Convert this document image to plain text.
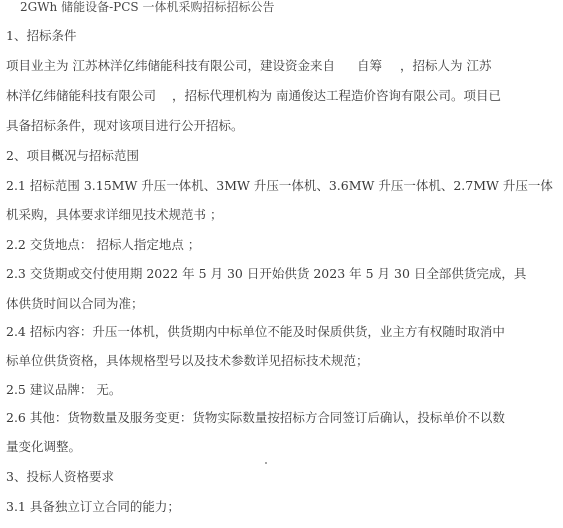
2GWh 储能设备-PCS 一体机采购招标招标公告
1、招标条件
项目业主为 江苏林洋亿纬储能科技有限公司，建设资金来自 自筹 ，招标人为 江苏
林洋亿纬储能科技有限公司 ，招标代理机构为 南通俊达工程造价咨询有限公司。项目已
具备招标条件，现对该项目进行公开招标。
2、项目概况与招标范围
2.1 招标范围 3.15MW 升压一体机、3MW 升压一体机、3.6MW 升压一体机、2.7MW 升压一体
机采购，具体要求详细见技术规范书 ；
2.2 交货地点： 招标人指定地点 ；
2.3 交货期或交付使用期 2022 年 5 月 30 日开始供货 2023 年 5 月 30 日全部供货完成，具
体供货时间以合同为准；
2.4 招标内容：升压一体机，供货期内中标单位不能及时保质供货，业主方有权随时取消中
标单位供货资格，具体规格型号以及技术参数详见招标技术规范；
2.5 建议品牌： 无。
2.6 其他：货物数量及服务变更：货物实际数量按招标方合同签订后确认，投标单价不以数
量变化调整。
3、投标人资格要求
3.1 具备独立订立合同的能力；
